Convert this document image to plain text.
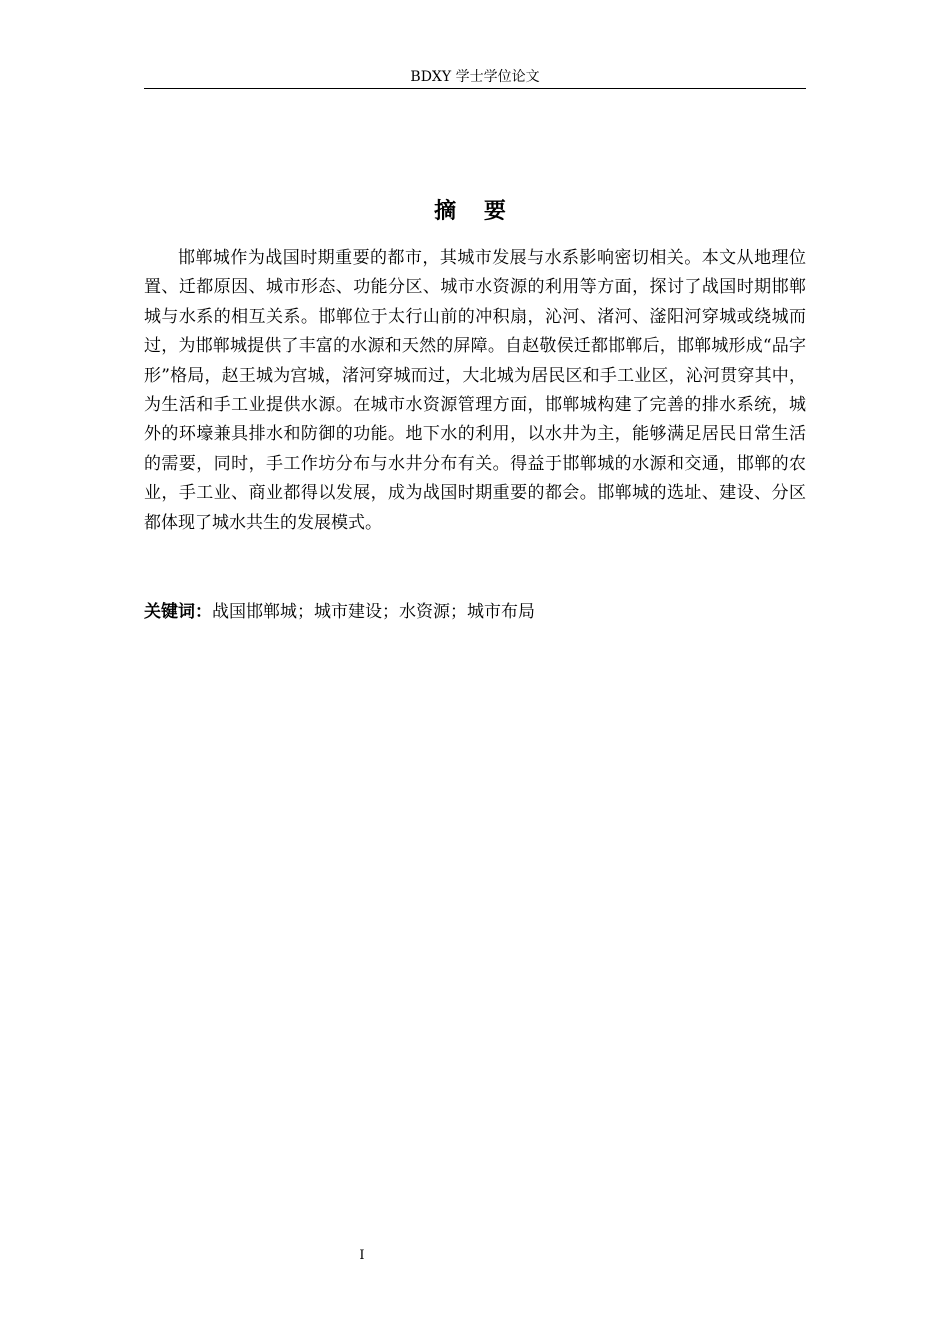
BDXY 学士学位论文
摘 要

邯郸城作为战国时期重要的都市，其城市发展与水系影响密切相关。本文从地理位置、迁都原因、城市形态、功能分区、城市水资源的利用等方面，探讨了战国时期邯郸城与水系的相互关系。邯郸位于太行山前的冲积扇，沁河、渚河、滏阳河穿城或绕城而过，为邯郸城提供了丰富的水源和天然的屏障。自赵敬侯迁都邯郸后，邯郸城形成“品字形”格局，赵王城为宫城，渚河穿城而过，大北城为居民区和手工业区，沁河贯穿其中，为生活和手工业提供水源。在城市水资源管理方面，邯郸城构建了完善的排水系统，城外的环壕兼具排水和防御的功能。地下水的利用，以水井为主，能够满足居民日常生活的需要，同时，手工作坊分布与水井分布有关。得益于邯郸城的水源和交通，邯郸的农业，手工业、商业都得以发展，成为战国时期重要的都会。邯郸城的选址、建设、分区都体现了城水共生的发展模式。

关键词：战国邯郸城；城市建设；水资源；城市布局

I
